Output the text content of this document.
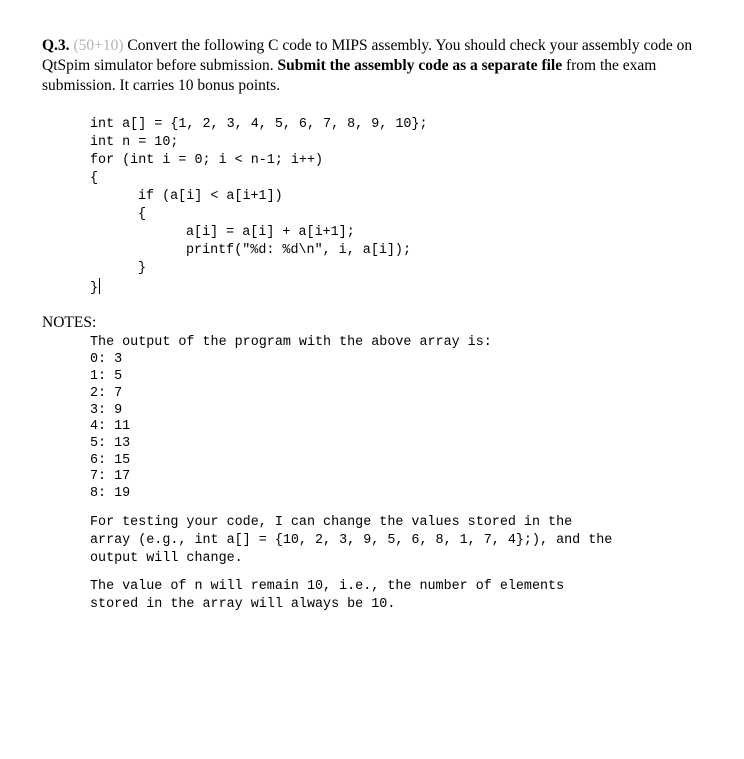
Q.3. (50+10) Convert the following C code to MIPS assembly. You should check your assembly code on QtSpim simulator before submission. Submit the assembly code as a separate file from the exam submission. It carries 10 bonus points.

int a[] = {1, 2, 3, 4, 5, 6, 7, 8, 9, 10};
int n = 10;
for (int i = 0; i < n-1; i++)
{
if (a[i] < a[i+1])
{
a[i] = a[i] + a[i+1];
printf("%d: %d\n", i, a[i]);
}
}

NOTES:

The output of the program with the above array is:
0: 3
1: 5
2: 7
3: 9
4: 11
5: 13
6: 15
7: 17
8: 19
For testing your code, I can change the values stored in the
array (e.g., int a[] = {10, 2, 3, 9, 5, 6, 8, 1, 7, 4};), and the
output will change.
The value of n will remain 10, i.e., the number of elements
stored in the array will always be 10.
